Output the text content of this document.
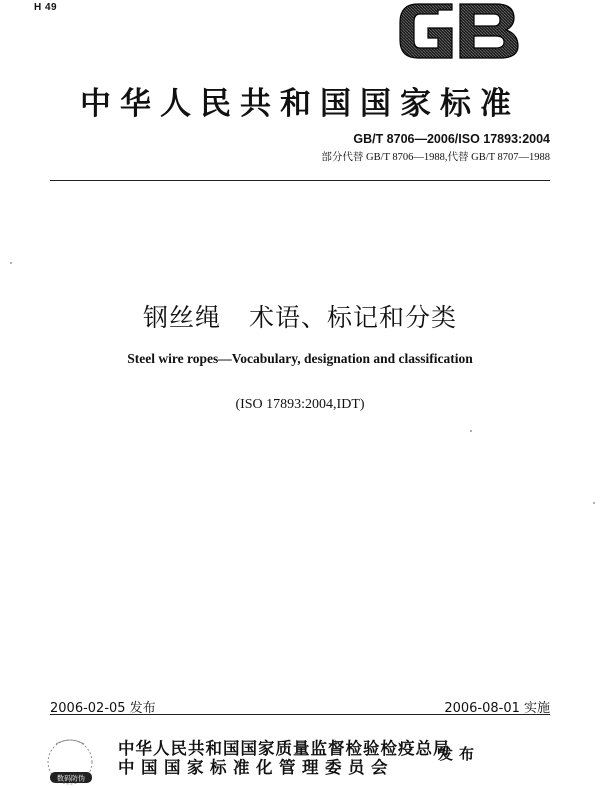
H 49
中华人民共和国国家标准
GB/T 8706—2006/ISO 17893:2004
部分代替 GB/T 8706—1988,代替 GB/T 8707—1988
钢丝绳 术语、标记和分类
Steel wire ropes—Vocabulary, designation and classification
(ISO 17893:2004,IDT)
2006-02-05 发布	2006-08-01 实施
数码防伪
中华人民共和国国家质量监督检验检疫总局
中国国家标准化管理委员会
发布
